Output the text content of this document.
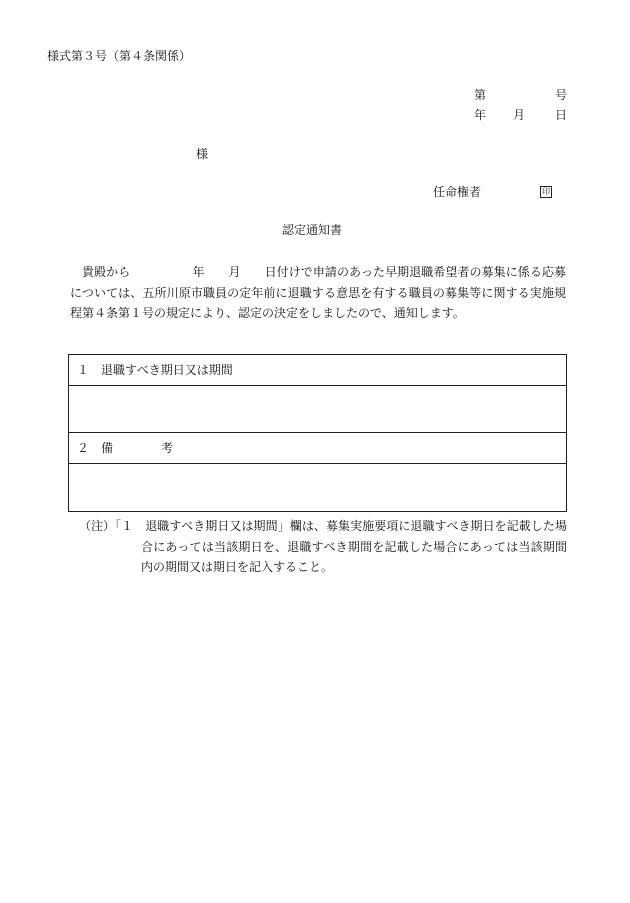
様式第３号（第４条関係）
第	号
年 月 日
様
任命権者	印
認定通知書
貴殿から	年 月 日付けで申請のあった早期退職希望者の募集に係る応募については、五所川原市職員の定年前に退職する意思を有する職員の募集等に関する実施規程第４条第１号の規定により、認定の決定をしましたので、通知します。
１ 退職すべき期日又は期間
２ 備	考
（注）
「１　退職すべき期日又は期間」欄は、募集実施要項に退職すべき期日を記載した場合にあっては当該期日を、退職すべき期間を記載した場合にあっては当該期間内の期間又は期日を記入すること。
